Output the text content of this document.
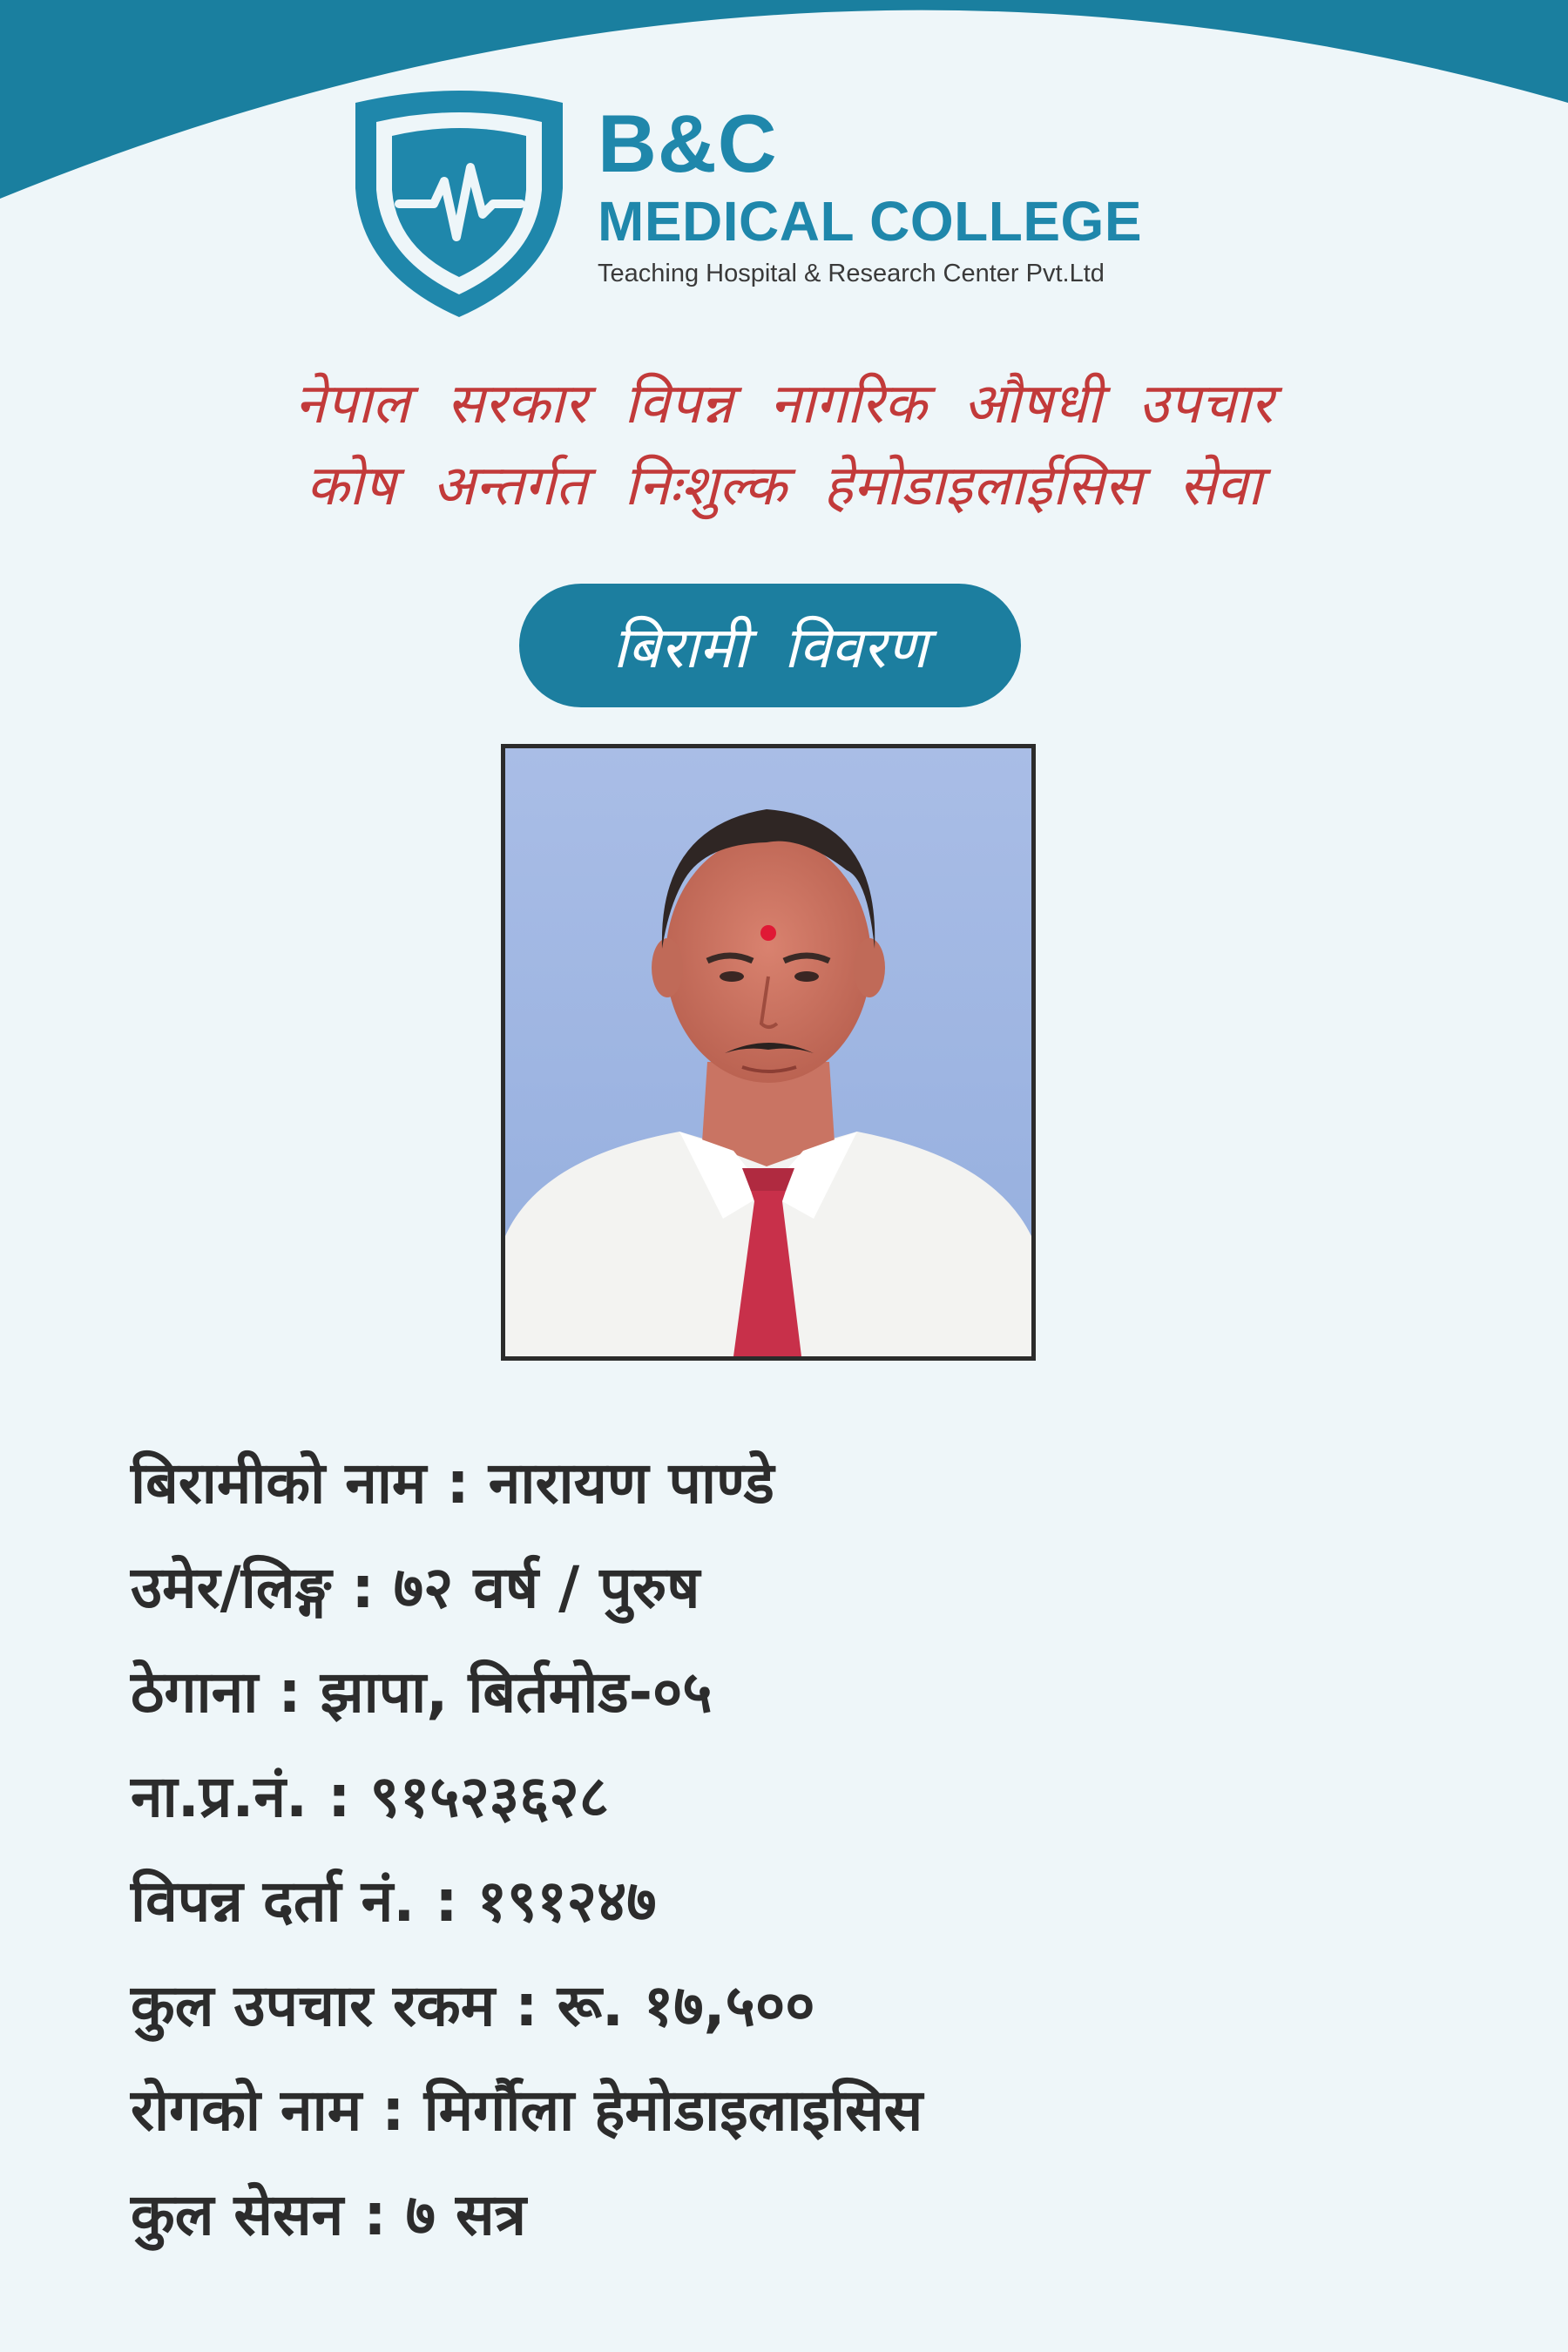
B&C
MEDICAL COLLEGE
Teaching Hospital & Research Center Pvt.Ltd
नेपाल सरकार विपन्न नागरिक औषधी उपचार
कोष अन्तर्गत निःशुल्क हेमोडाइलाईसिस सेवा
बिरामी विवरण
बिरामीको नाम : नारायण पाण्डे
उमेर/लिङ्ग : ७२ वर्ष / पुरुष
ठेगाना : झापा, बिर्तमोड-०५
ना.प्र.नं. : ९१५२३६२८
विपन्न दर्ता नं. : १९१२४७
कुल उपचार रकम : रू. १७,५००
रोगको नाम : मिर्गौला हेमोडाइलाइसिस
कुल सेसन : ७ सत्र
